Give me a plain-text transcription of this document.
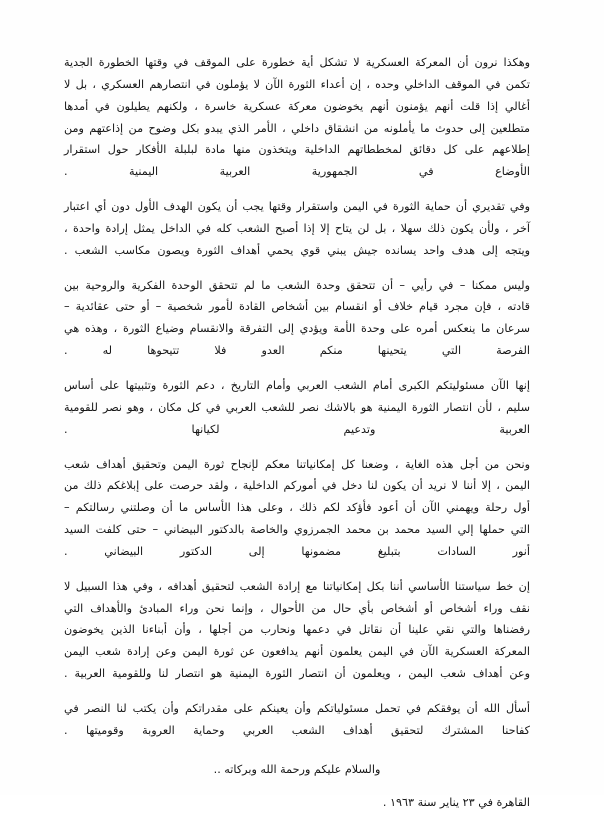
وهكذا نرون أن المعركة العسكرية لا تشكل أية خطورة على الموقف في وقتها الخطورة الجدية تكمن في الموقف الداخلي وحده ، إن أعداء الثورة الآن لا يؤملون في انتصارهم العسكري ، بل لا أغالي إذا قلت أنهم يؤمنون أنهم يخوضون معركة عسكرية خاسرة ، ولكنهم يطيلون في أمدها متطلعين إلى حدوث ما يأملونه من انشقاق داخلي ، الأمر الذي يبدو بكل وضوح من إذاعتهم ومن إطلاعهم على كل دقائق لمخططاتهم الداخلية ويتخذون منها مادة لبلبلة الأفكار حول استقرار الأوضاع في الجمهورية العربية اليمنية .

وفي تقديري أن حماية الثورة في اليمن واستقرار وقتها يجب أن يكون الهدف الأول دون أي اعتبار آخر ، ولأن يكون ذلك سهلا ، بل لن يتاح إلا إذا أصبح الشعب كله في الداخل يمثل إرادة واحدة ، ويتجه إلى هدف واحد يسانده جيش يبني قوي يحمي أهداف الثورة ويصون مكاسب الشعب .

وليس ممكنا – في رأيي – أن تتحقق وحدة الشعب ما لم تتحقق الوحدة الفكرية والروحية بين قادته ، فإن مجرد قيام خلاف أو انقسام بين أشخاص القادة لأمور شخصية – أو حتى عقائدية – سرعان ما ينعكس أمره على وحدة الأمة ويؤدي إلى التفرقة والانقسام وضياع الثورة ، وهذه هي الفرصة التي يتحينها منكم العدو فلا تتيحوها له .

إنها الآن مسئوليتكم الكبرى أمام الشعب العربي وأمام التاريخ ، دعم الثورة وتثبيتها على أساس سليم ، لأن انتصار الثورة اليمنية هو بالاشك نصر للشعب العربي في كل مكان ، وهو نصر للقومية العربية وتدعيم لكيانها .

ونحن من أجل هذه الغاية ، وضعنا كل إمكانياتنا معكم لإنجاح ثورة اليمن وتحقيق أهداف شعب اليمن ، إلا أننا لا نريد أن يكون لنا دخل في أموركم الداخلية ، ولقد حرصت على إبلاغكم ذلك من أول رحلة ويهمني الآن أن أعود فأؤكد لكم ذلك ، وعلى هذا الأساس ما أن وصلتني رسالتكم – التي حملها إلي السيد محمد بن محمد الجمرزوي والخاصة بالدكتور البيضاني – حتى كلفت السيد أنور السادات بتبليغ مضمونها إلى الدكتور البيضاني .

إن خط سياستنا الأساسي أننا بكل إمكانياتنا مع إرادة الشعب لتحقيق أهدافه ، وفي هذا السبيل لا نقف وراء أشخاص أو أشخاص بأي حال من الأحوال ، وإنما نحن وراء المبادئ والأهداف التي رفضناها والتي نقي علينا أن نقاتل في دعمها ونحارب من أجلها ، وأن أبناءنا الذين يخوضون المعركة العسكرية الآن في اليمن يعلمون أنهم يدافعون عن ثورة اليمن وعن إرادة شعب اليمن وعن أهداف شعب اليمن ، ويعلمون أن انتصار الثورة اليمنية هو انتصار لنا وللقومية العربية .

أسأل الله أن يوفقكم في تحمل مسئولياتكم وأن يعينكم على مقدراتكم وأن يكتب لنا النصر في كفاحنا المشترك لتحقيق أهداف الشعب العربي وحماية العروبة وقوميتها .

والسلام عليكم ورحمة الله وبركاته ..

القاهرة في ٢٣ يناير سنة ١٩٦٣ .
